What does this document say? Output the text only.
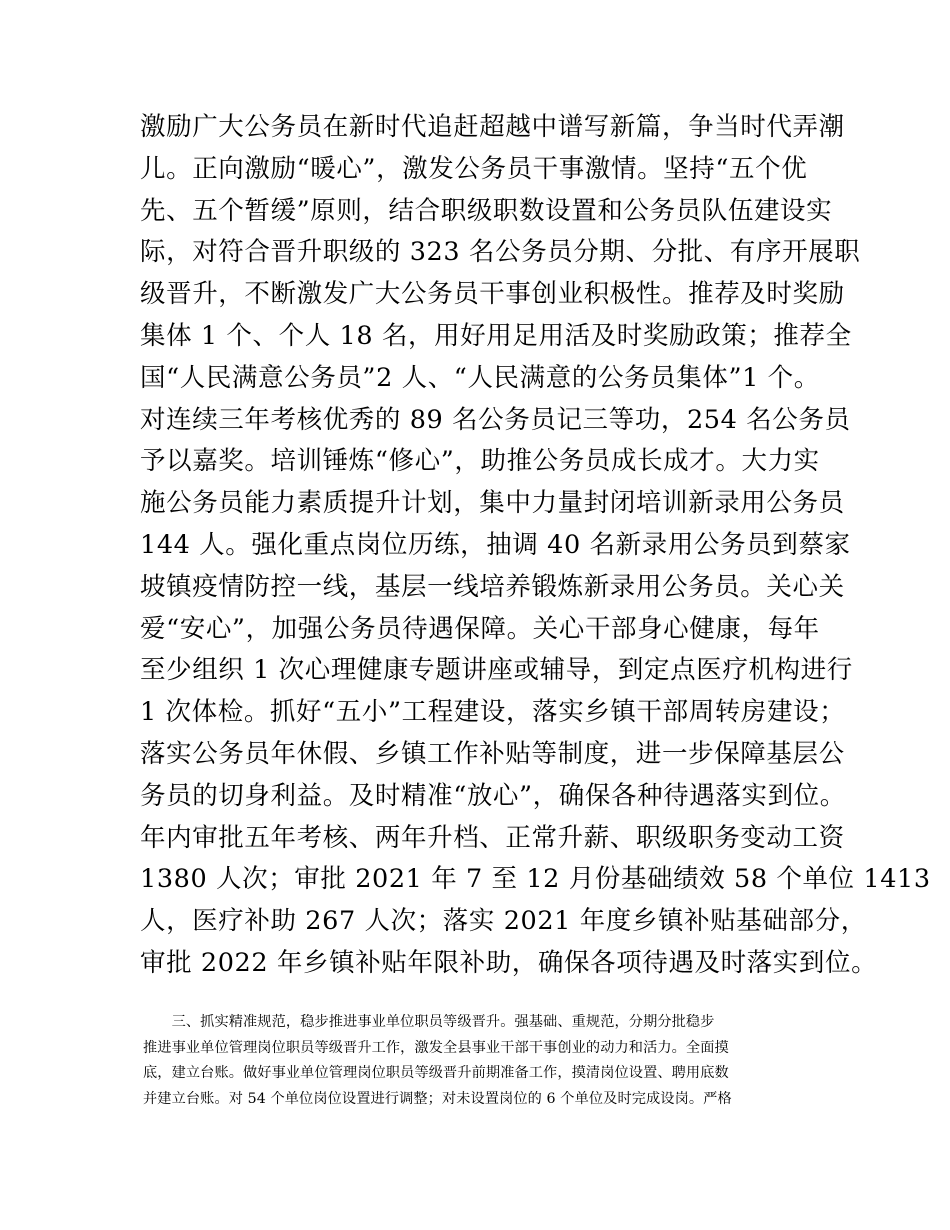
激励广大公务员在新时代追赶超越中谱写新篇，争当时代弄潮
儿。正向激励“暖心”，激发公务员干事激情。坚持“五个优
先、五个暂缓”原则，结合职级职数设置和公务员队伍建设实
际，对符合晋升职级的 323 名公务员分期、分批、有序开展职
级晋升，不断激发广大公务员干事创业积极性。推荐及时奖励
集体 1 个、个人 18 名，用好用足用活及时奖励政策；推荐全
国“人民满意公务员”2 人、“人民满意的公务员集体”1 个。
对连续三年考核优秀的 89 名公务员记三等功，254 名公务员
予以嘉奖。培训锤炼“修心”，助推公务员成长成才。大力实
施公务员能力素质提升计划，集中力量封闭培训新录用公务员
144 人。强化重点岗位历练，抽调 40 名新录用公务员到蔡家
坡镇疫情防控一线，基层一线培养锻炼新录用公务员。关心关
爱“安心”，加强公务员待遇保障。关心干部身心健康，每年
至少组织 1 次心理健康专题讲座或辅导，到定点医疗机构进行
1 次体检。抓好“五小”工程建设，落实乡镇干部周转房建设；
落实公务员年休假、乡镇工作补贴等制度，进一步保障基层公
务员的切身利益。及时精准“放心”，确保各种待遇落实到位。
年内审批五年考核、两年升档、正常升薪、职级职务变动工资
1380 人次；审批 2021 年 7 至 12 月份基础绩效 58 个单位 1413
人，医疗补助 267 人次；落实 2021 年度乡镇补贴基础部分，
审批 2022 年乡镇补贴年限补助，确保各项待遇及时落实到位。
　　三、抓实精准规范，稳步推进事业单位职员等级晋升。强基础、重规范，分期分批稳步
推进事业单位管理岗位职员等级晋升工作，激发全县事业干部干事创业的动力和活力。全面摸
底，建立台账。做好事业单位管理岗位职员等级晋升前期准备工作，摸清岗位设置、聘用底数
并建立台账。对 54 个单位岗位设置进行调整；对未设置岗位的 6 个单位及时完成设岗。严格
